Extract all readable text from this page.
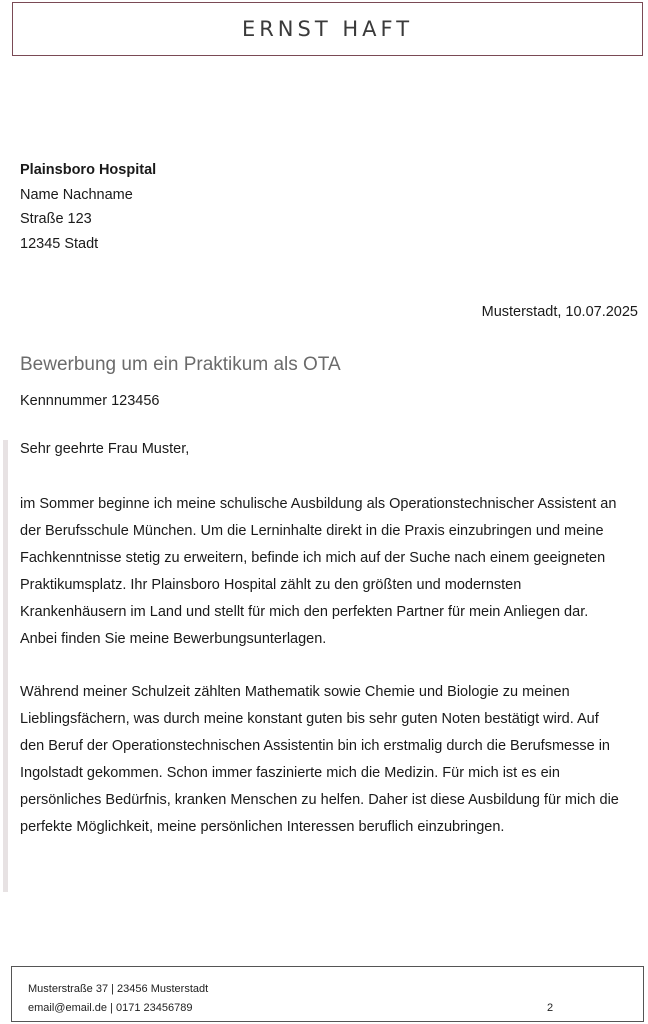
ERNST HAFT
Plainsboro Hospital
Name Nachname
Straße 123
12345 Stadt
Musterstadt, 10.07.2025
Bewerbung um ein Praktikum als OTA
Kennnummer 123456
Sehr geehrte Frau Muster,

im Sommer beginne ich meine schulische Ausbildung als Operationstechnischer Assistent an der Berufsschule München. Um die Lerninhalte direkt in die Praxis einzubringen und meine Fachkenntnisse stetig zu erweitern, befinde ich mich auf der Suche nach einem geeigneten Praktikumsplatz. Ihr Plainsboro Hospital zählt zu den größten und modernsten Krankenhäusern im Land und stellt für mich den perfekten Partner für mein Anliegen dar. Anbei finden Sie meine Bewerbungsunterlagen.

Während meiner Schulzeit zählten Mathematik sowie Chemie und Biologie zu meinen Lieblingsfächern, was durch meine konstant guten bis sehr guten Noten bestätigt wird. Auf den Beruf der Operationstechnischen Assistentin bin ich erstmalig durch die Berufsmesse in Ingolstadt gekommen. Schon immer faszinierte mich die Medizin. Für mich ist es ein persönliches Bedürfnis, kranken Menschen zu helfen. Daher ist diese Ausbildung für mich die perfekte Möglichkeit, meine persönlichen Interessen beruflich einzubringen.

Musterstraße 37 | 23456 Musterstadt
email@email.de | 0171 23456789	2
